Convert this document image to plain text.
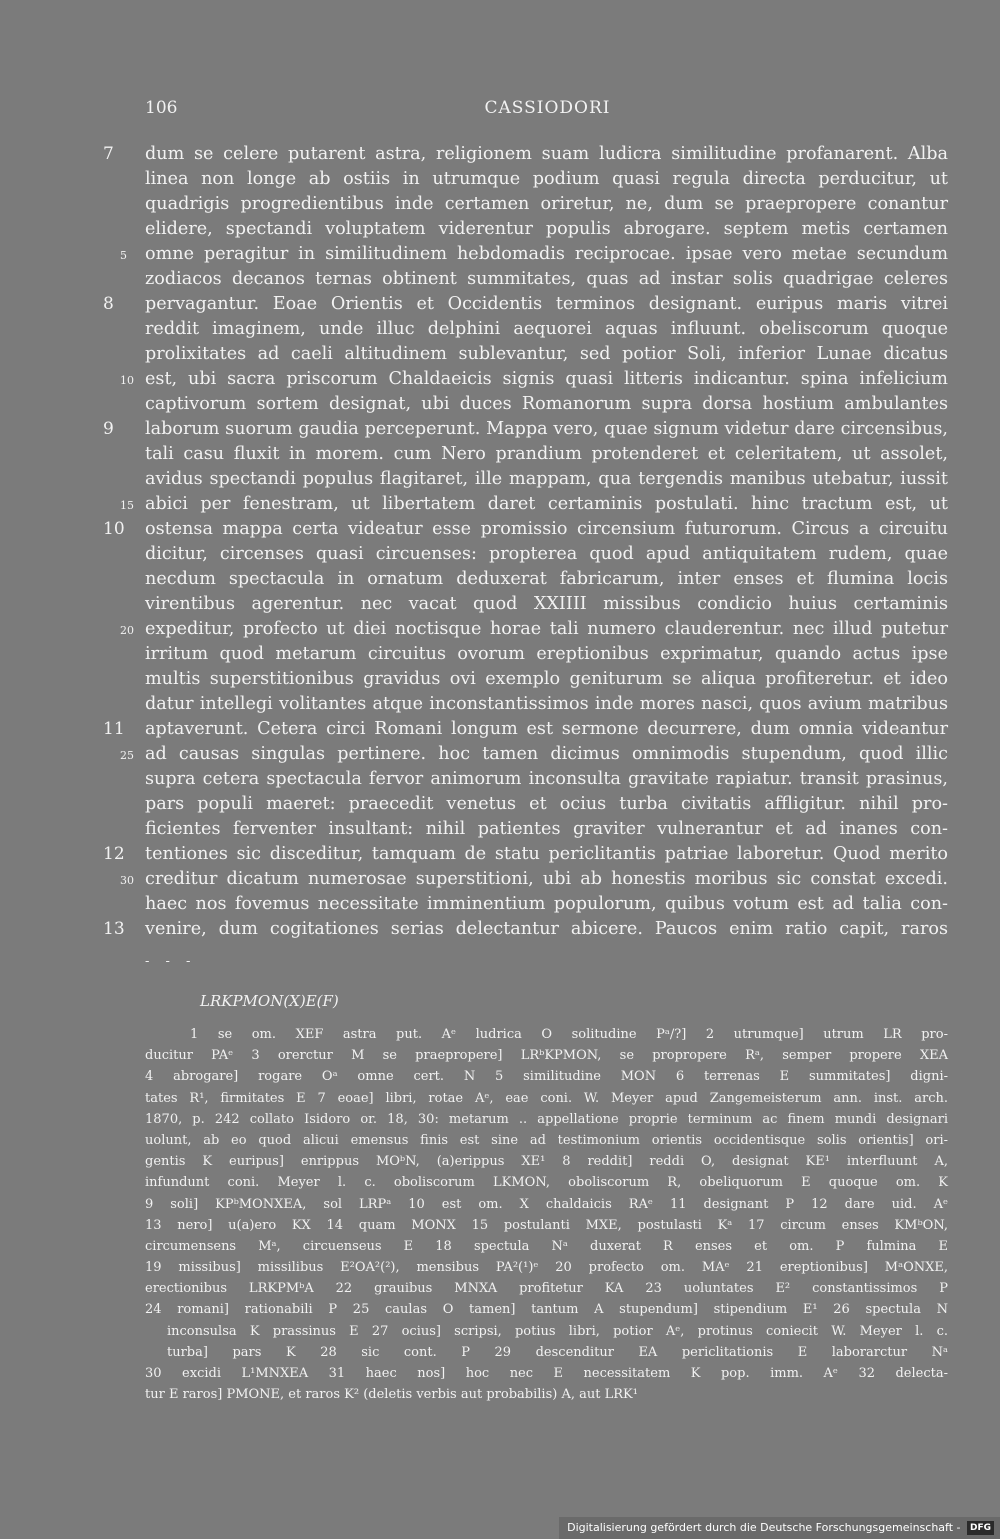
106	CASSIODORI
7 dum se celere putarent astra, religionem suam ludicra similitudine profanarent. Alba
linea non longe ab ostiis in utrumque podium quasi regula directa perducitur, ut
quadrigis progredientibus inde certamen oriretur, ne, dum se praepropere conantur
elidere, spectandi voluptatem viderentur populis abrogare. septem metis certamen
5 omne peragitur in similitudinem hebdomadis reciprocae. ipsae vero metae secundum
zodiacos decanos ternas obtinent summitates, quas ad instar solis quadrigae celeres
8 pervagantur. Eoae Orientis et Occidentis terminos designant. euripus maris vitrei
reddit imaginem, unde illuc delphini aequorei aquas influunt. obeliscorum quoque
prolixitates ad caeli altitudinem sublevantur, sed potior Soli, inferior Lunae dicatus
10 est, ubi sacra priscorum Chaldaeicis signis quasi litteris indicantur. spina infelicium
captivorum sortem designat, ubi duces Romanorum supra dorsa hostium ambulantes
9 laborum suorum gaudia perceperunt. Mappa vero, quae signum videtur dare circensibus,
tali casu fluxit in morem. cum Nero prandium protenderet et celeritatem, ut assolet,
avidus spectandi populus flagitaret, ille mappam, qua tergendis manibus utebatur, iussit
15 abici per fenestram, ut libertatem daret certaminis postulati. hinc tractum est, ut
10 ostensa mappa certa videatur esse promissio circensium futurorum. Circus a circuitu
dicitur, circenses quasi circuenses: propterea quod apud antiquitatem rudem, quae
necdum spectacula in ornatum deduxerat fabricarum, inter enses et flumina locis
virentibus agerentur. nec vacat quod XXIIII missibus condicio huius certaminis
20 expeditur, profecto ut diei noctisque horae tali numero clauderentur. nec illud putetur
irritum quod metarum circuitus ovorum ereptionibus exprimatur, quando actus ipse
multis superstitionibus gravidus ovi exemplo geniturum se aliqua profiteretur. et ideo
datur intellegi volitantes atque inconstantissimos inde mores nasci, quos avium matribus
11 aptaverunt. Cetera circi Romani longum est sermone decurrere, dum omnia videantur
25 ad causas singulas pertinere. hoc tamen dicimus omnimodis stupendum, quod illic
supra cetera spectacula fervor animorum inconsulta gravitate rapiatur. transit prasinus,
pars populi maeret: praecedit venetus et ocius turba civitatis affligitur. nihil pro-
ficientes ferventer insultant: nihil patientes graviter vulnerantur et ad inanes con-
12 tentiones sic disceditur, tamquam de statu periclitantis patriae laboretur. Quod merito
30 creditur dicatum numerosae superstitioni, ubi ab honestis moribus sic constat excedi.
haec nos fovemus necessitate imminentium populorum, quibus votum est ad talia con-
13 venire, dum cogitationes serias delectantur abicere. Paucos enim ratio capit, raros
- - -
LRKPMON(X)E(F)
1 se om. XEF astra put. Aᵉ ludrica O solitudine Pᵃ/?] 2 utrumque] utrum LR pro-
ducitur PAᵉ 3 orerctur M se praepropere] LRᵇKPMON, se propropere Rᵃ, semper propere XEA
4 abrogare] rogare Oᵃ omne cert. N 5 similitudine MON 6 terrenas E summitates] digni-
tates R¹, firmitates E 7 eoae] libri, rotae Aᵉ, eae coni. W. Meyer apud Zangemeisterum ann. inst. arch.
1870, p. 242 collato Isidoro or. 18, 30: metarum .. appellatione proprie terminum ac finem mundi designari
uolunt, ab eo quod alicui emensus finis est sine ad testimonium orientis occidentisque solis orientis] ori-
gentis K euripus] enrippus MOᵇN, (a)erippus XE¹ 8 reddit] reddi O, designat KE¹ interfluunt A,
infundunt coni. Meyer l. c. oboliscorum LKMON, oboliscorum R, obeliquorum E quoque om. K
9 soli] KPᵇMONXEA, sol LRPᵃ 10 est om. X chaldaicis RAᵉ 11 designant P 12 dare uid. Aᵉ
13 nero] u(a)ero KX 14 quam MONX 15 postulanti MXE, postulasti Kᵃ 17 circum enses KMᵇON,
circumensens Mᵃ, circuenseus E 18 spectula Nᵃ duxerat R enses et om. P fulmina E
19 missibus] missilibus E²OA²(²), mensibus PA²(¹)ᵉ 20 profecto om. MAᵉ 21 ereptionibus] MᵃONXE,
erectionibus LRKPMᵇA 22 grauibus MNXA profitetur KA 23 uoluntates E² constantissimos P
24 romani] rationabili P 25 caulas O tamen] tantum A stupendum] stipendium E¹ 26 spectula N
inconsulsa K prassinus E 27 ocius] scripsi, potius libri, potior Aᵉ, protinus coniecit W. Meyer l. c.
turba] pars K 28 sic cont. P 29 descenditur EA periclitationis E laborarctur Nᵃ
30 excidi L¹MNXEA 31 haec nos] hoc nec E necessitatem K pop. imm. Aᵉ 32 delecta-
tur E raros] PMONE, et raros K² (deletis verbis aut probabilis) A, aut LRK¹
Digitalisierung gefördert durch die Deutsche Forschungsgemeinschaft - DFG
